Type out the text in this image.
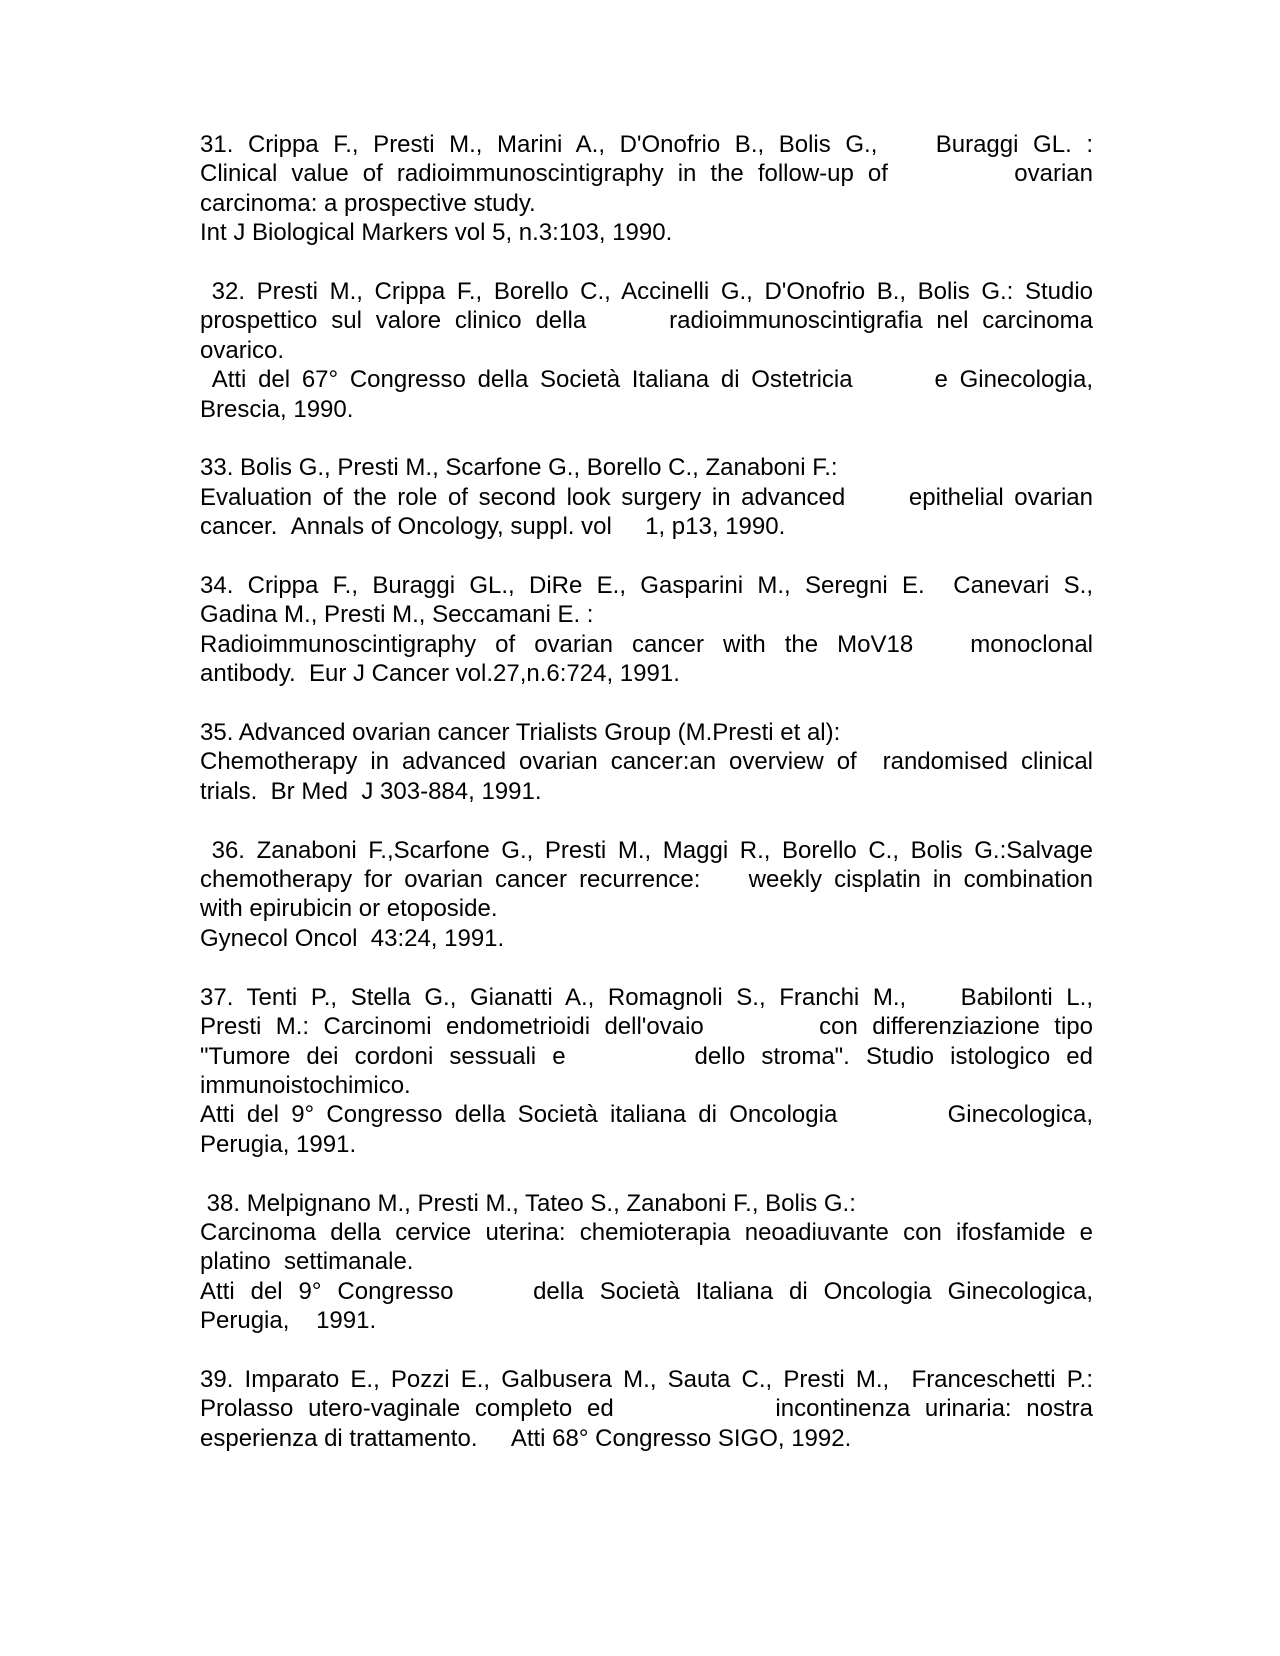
31. Crippa F., Presti M., Marini A., D'Onofrio B., Bolis G.,    Buraggi GL. :
Clinical value of radioimmunoscintigraphy in the follow-up of         ovarian
carcinoma: a prospective study.
Int J Biological Markers vol 5, n.3:103, 1990.
32. Presti M., Crippa F., Borello C., Accinelli G., D'Onofrio B., Bolis G.: Studio
prospettico sul valore clinico della      radioimmunoscintigrafia nel carcinoma
ovarico.
Atti del 67° Congresso della Società Italiana di Ostetricia       e Ginecologia,
Brescia, 1990.
33. Bolis G., Presti M., Scarfone G., Borello C., Zanaboni F.:
Evaluation of the role of second look surgery in advanced      epithelial ovarian
cancer.  Annals of Oncology, suppl. vol     1, p13, 1990.
34. Crippa F., Buraggi GL., DiRe E., Gasparini M., Seregni E.  Canevari S.,
Gadina M., Presti M., Seccamani E. :
Radioimmunoscintigraphy of ovarian cancer with the MoV18   monoclonal
antibody.  Eur J Cancer vol.27,n.6:724, 1991.
35. Advanced ovarian cancer Trialists Group (M.Presti et al):
Chemotherapy in advanced ovarian cancer:an overview of  randomised clinical
trials.  Br Med  J 303-884, 1991.
36. Zanaboni F.,Scarfone G., Presti M., Maggi R., Borello C., Bolis G.:Salvage
chemotherapy for ovarian cancer recurrence:    weekly cisplatin in combination
with epirubicin or etoposide.
Gynecol Oncol  43:24, 1991.
37. Tenti P., Stella G., Gianatti A., Romagnoli S., Franchi M.,    Babilonti L.,
Presti M.: Carcinomi endometrioidi dell'ovaio        con differenziazione tipo
"Tumore dei cordoni sessuali e        dello stroma". Studio istologico ed
immunoistochimico.
Atti del 9° Congresso della Società italiana di Oncologia         Ginecologica,
Perugia, 1991.
38. Melpignano M., Presti M., Tateo S., Zanaboni F., Bolis G.:
Carcinoma della cervice uterina: chemioterapia neoadiuvante con ifosfamide e
platino  settimanale.
Atti del 9° Congresso     della Società Italiana di Oncologia Ginecologica,
Perugia,    1991.
39. Imparato E., Pozzi E., Galbusera M., Sauta C., Presti M.,  Franceschetti P.:
Prolasso utero-vaginale completo ed           incontinenza urinaria: nostra
esperienza di trattamento.     Atti 68° Congresso SIGO, 1992.
